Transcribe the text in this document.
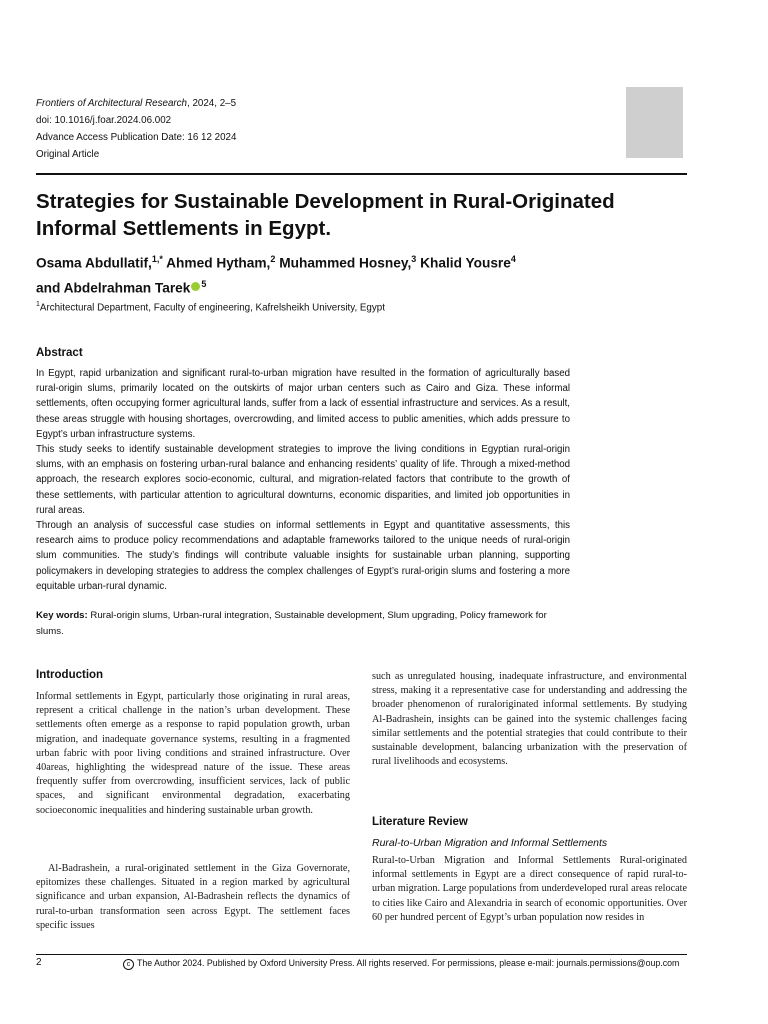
Frontiers of Architectural Research, 2024, 2–5
doi: 10.1016/j.foar.2024.06.002
Advance Access Publication Date: 16 12 2024
Original Article
Strategies for Sustainable Development in Rural-Originated Informal Settlements in Egypt.
Osama Abdullatif,$^{1,*}$ Ahmed Hytham,$^2$ Muhammed Hosney,$^3$ Khalid Yousre$^4$
and Abdelrahman Tarek $^5$
$^1$Architectural Department, Faculty of engineering, Kafrelsheikh University, Egypt
Abstract

In Egypt, rapid urbanization and significant rural-to-urban migration have resulted in the formation of agriculturally based rural-origin slums, primarily located on the outskirts of major urban centers such as Cairo and Giza. These informal settlements, often occupying former agricultural lands, suffer from a lack of essential infrastructure and services. As a result, these areas struggle with housing shortages, overcrowding, and limited access to public amenities, which adds pressure to Egypt’s urban infrastructure systems.

This study seeks to identify sustainable development strategies to improve the living conditions in Egyptian rural-origin slums, with an emphasis on fostering urban-rural balance and enhancing residents’ quality of life. Through a mixed-method approach, the research explores socio-economic, cultural, and migration-related factors that contribute to the growth of these settlements, with particular attention to agricultural downturns, economic disparities, and limited job opportunities in rural areas.

Through an analysis of successful case studies on informal settlements in Egypt and quantitative assessments, this research aims to produce policy recommendations and adaptable frameworks tailored to the unique needs of rural-origin slum communities. The study’s findings will contribute valuable insights for sustainable urban planning, supporting policymakers in developing strategies to address the complex challenges of Egypt’s rural-origin slums and fostering a more equitable urban-rural dynamic.

Key words: Rural-origin slums, Urban-rural integration, Sustainable development, Slum upgrading, Policy framework for slums.
Introduction

Informal settlements in Egypt, particularly those originating in rural areas, represent a critical challenge in the nation’s urban development. These settlements often emerge as a response to rapid population growth, urban migration, and inadequate governance systems, resulting in a fragmented urban fabric with poor living conditions and strained infrastructure. Over 40areas, highlighting the widespread nature of the issue. These areas frequently suffer from overcrowding, insufficient services, lack of public spaces, and significant environmental degradation, exacerbating socioeconomic inequalities and hindering sustainable urban growth.

Al-Badrashein, a rural-originated settlement in the Giza Governorate, epitomizes these challenges. Situated in a region marked by agricultural significance and urban expansion, Al-Badrashein reflects the dynamics of rural-to-urban transformation seen across Egypt. The settlement faces specific issues

such as unregulated housing, inadequate infrastructure, and environmental stress, making it a representative case for understanding and addressing the broader phenomenon of ruraloriginated informal settlements. By studying Al-Badrashein, insights can be gained into the systemic challenges facing similar settlements and the potential strategies that could contribute to their sustainable development, balancing urbanization with the preservation of rural livelihoods and ecosystems.

Literature Review
Rural-to-Urban Migration and Informal Settlements

Rural-to-Urban Migration and Informal Settlements Rural-originated informal settlements in Egypt are a direct consequence of rapid rural-to-urban migration. Large populations from underdeveloped rural areas relocate to cities like Cairo and Alexandria in search of economic opportunities. Over 60 per hundred percent of Egypt’s urban population now resides in

2	c The Author 2024. Published by Oxford University Press. All rights reserved. For permissions, please e-mail: journals.permissions@oup.com
